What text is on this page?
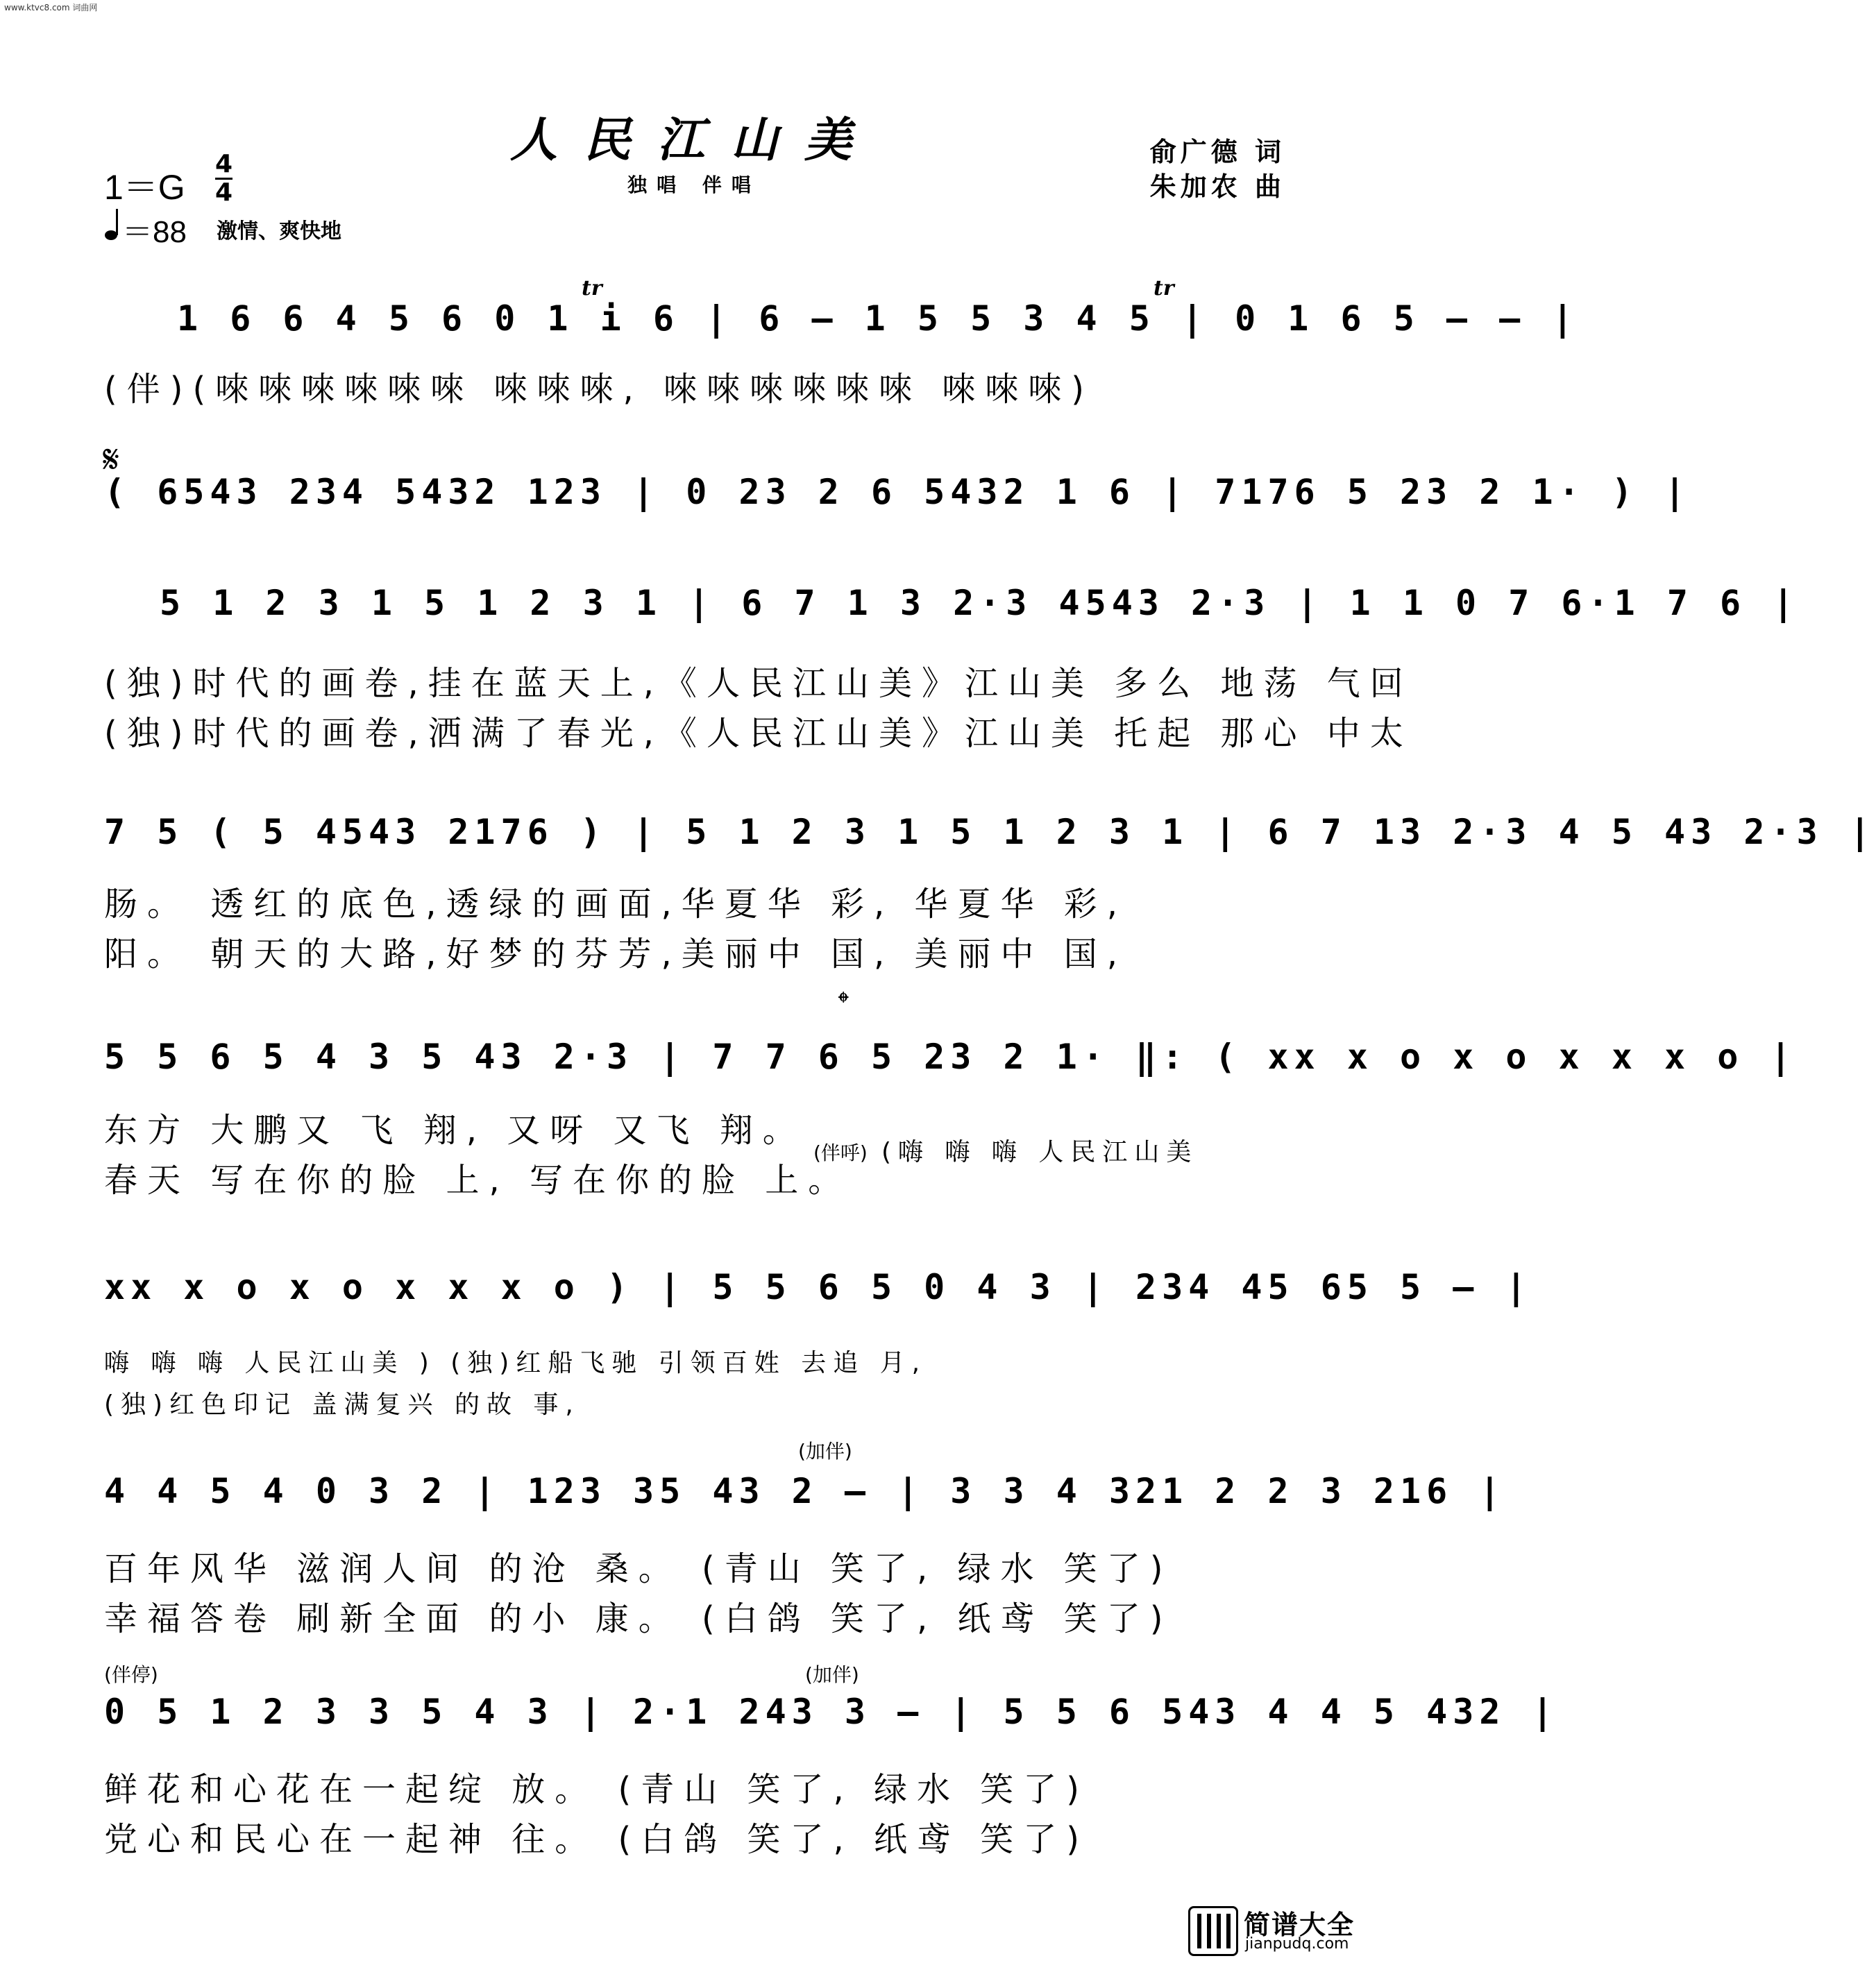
www.ktvc8.com 词曲网
人民江山美
独唱 伴唱
俞广德 词
朱加农 曲
1＝G
4
4
＝88 激情、爽快地
tr	tr
1 6 6 4 5 6 0 1 i 6 | 6 – 1 5 5 3 4 5 | 0 1 6 5 – – |
(伴)(唻唻唻唻唻唻 唻唻唻, 唻唻唻唻唻唻 唻唻唻)
𝄋
( 6543 234 5432 123 | 0 23 2 6 5432 1 6 | 7176 5 23 2 1· ) |
5 1 2 3 1 5 1 2 3 1 | 6 7 1 3 2·3 4543 2·3 | 1 1 0 7 6·1 7 6 |
(独)时代的画卷,挂在蓝天上,《人民江山美》江山美 多么 地荡 气回
(独)时代的画卷,洒满了春光,《人民江山美》江山美 托起 那心 中太
7 5 ( 5 4543 2176 ) | 5 1 2 3 1 5 1 2 3 1 | 6 7 13 2·3 4 5 43 2·3 |
肠。 透红的底色,透绿的画面,华夏华 彩, 华夏华 彩,
阳。 朝天的大路,好梦的芬芳,美丽中 国, 美丽中 国,
𝄌
5 5 6 5 4 3 5 43 2·3 | 7 7 6 5 23 2 1· ‖: ( xx x o x o x x x o |
东方 大鹏又 飞 翔, 又呀 又飞 翔。
春天 写在你的脸 上, 写在你的脸 上。
(伴呼) (嗨 嗨 嗨 人民江山美
xx x o x o x x x o ) | 5 5 6 5 0 4 3 | 234 45 65 5 – |
嗨 嗨 嗨 人民江山美 ) (独)红船飞驰 引领百姓 去追 月,
(独)红色印记 盖满复兴 的故 事,
(加伴)
4 4 5 4 0 3 2 | 123 35 43 2 – | 3 3 4 321 2 2 3 216 |
百年风华 滋润人间 的沧 桑。 (青山 笑了, 绿水 笑了)
幸福答卷 刷新全面 的小 康。 (白鸽 笑了, 纸鸢 笑了)
(伴停)	(加伴)
0 5 1 2 3 3 5 4 3 | 2·1 243 3 – | 5 5 6 543 4 4 5 432 |
鲜花和心花在一起绽 放。 (青山 笑了, 绿水 笑了)
党心和民心在一起神 往。 (白鸽 笑了, 纸鸢 笑了)
简谱大全
jianpudq.com
